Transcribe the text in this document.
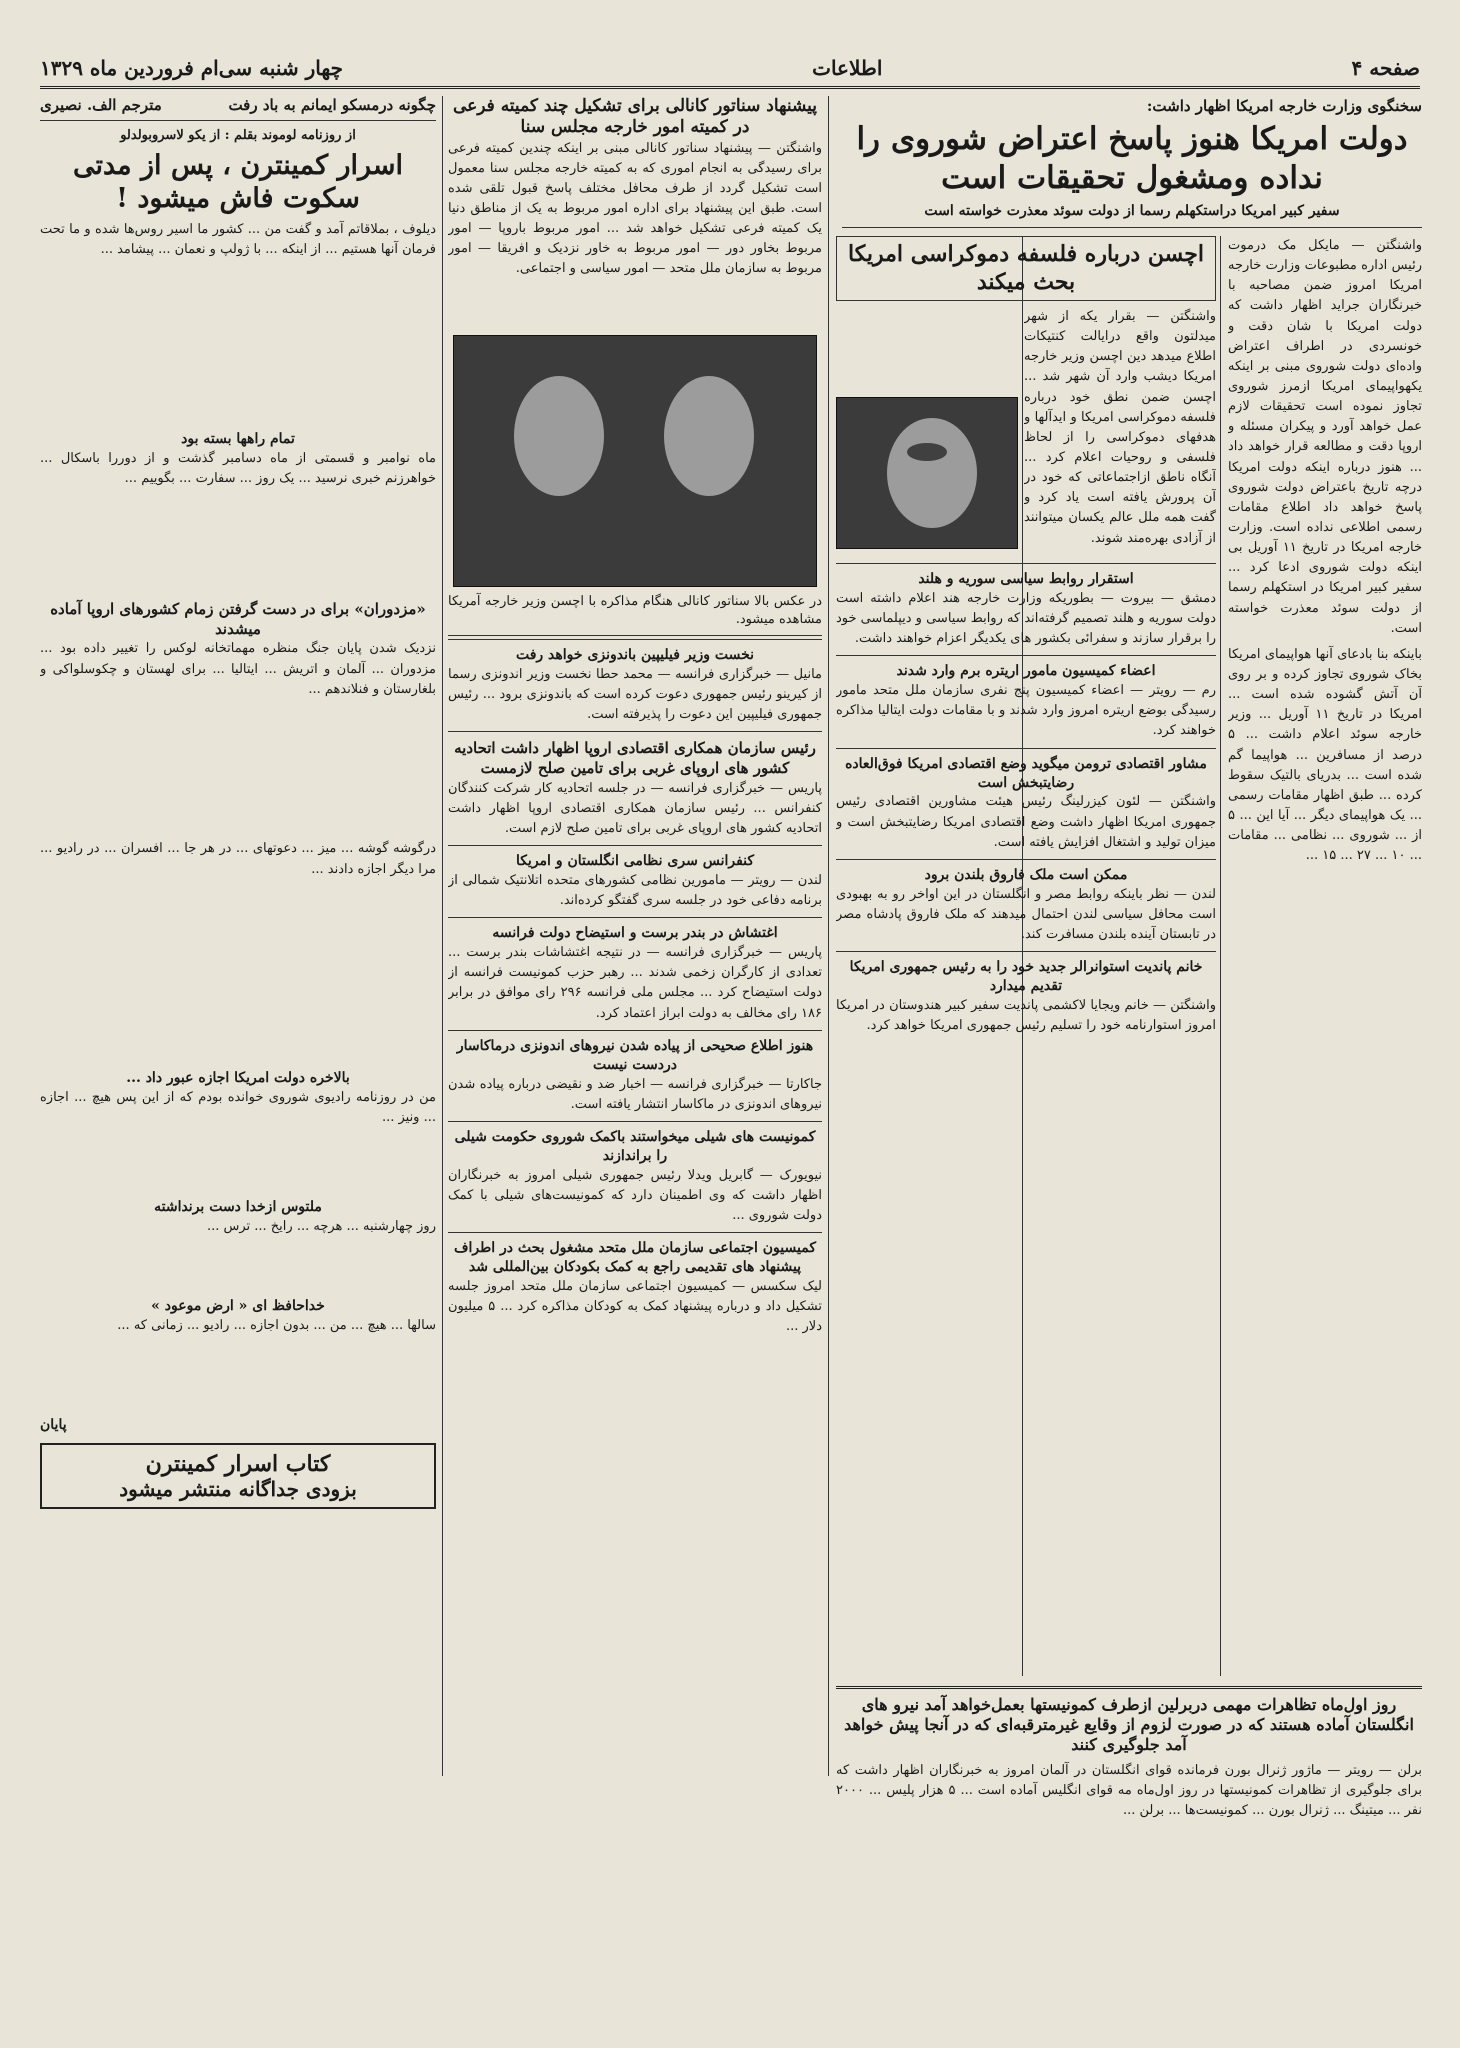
صفحه ۴
اطلاعات
چهار شنبه سی‌ام فروردین ماه ۱۳۲۹
سخنگوی وزارت خارجه امریکا اظهار داشت:
دولت امریکا هنوز پاسخ اعتراض شوروی را نداده ومشغول تحقیقات است
سفیر کبیر امریکا دراستکهلم رسما از دولت سوئد معذرت خواسته است
واشنگتن — مایکل مک درموت رئیس اداره مطبوعات وزارت خارجه امریکا امروز ضمن مصاحبه با خبرنگاران جراید اظهار داشت که دولت امریکا با شان دقت و خونسردی در اطراف اعتراض واده‌ای دولت شوروی مبنی بر اینکه یکهواپیمای امریکا ازمرز شوروی تجاوز نموده است تحقیقات لازم عمل خواهد آورد و پیکران مسئله و اروپا دقت و مطالعه قرار خواهد داد ... هنوز درباره اینکه دولت امریکا درچه تاریخ باعتراض دولت شوروی پاسخ خواهد داد اطلاع مقامات رسمی اطلاعی نداده است. وزارت خارجه امریکا در تاریخ ۱۱ آوریل بی اینکه دولت شوروی ادعا کرد ... سفیر کبیر امریکا در استکهلم رسما از دولت سوئد معذرت خواسته است.
باینکه بنا بادعای آنها هواپیمای امریکا بخاک شوروی تجاوز کرده و بر روی آن آتش گشوده شده است ... امریکا در تاریخ ۱۱ آوریل ... وزیر خارجه سوئد اعلام داشت ... ۵ درصد از مسافرین ... هواپیما گم شده است ... بدریای بالتیک سقوط کرده ... طبق اظهار مقامات رسمی ... یک هواپیمای دیگر ... آیا این ... ۵ از ... شوروی ... نظامی ... مقامات ... ۱۰ ... ۲۷ ... ۱۵ ...
اچسن درباره فلسفه دموکراسی امریکا بحث میکند
واشنگتن — بقرار یکه از شهر میدلتون واقع درایالت کنتیکات اطلاع میدهد دین اچسن وزیر خارجه امریکا دیشب وارد آن شهر شد ... اچسن ضمن نطق خود درباره فلسفه دموکراسی امریکا و ایدآلها و هدفهای دموکراسی را از لحاظ فلسفی و روحیات اعلام کرد ... آنگاه ناطق ازاجتماعاتی که خود در آن پرورش یافته است یاد کرد و گفت همه ملل عالم یکسان میتوانند از آزادی بهره‌مند شوند.
استقرار روابط سیاسی سوریه و هلند
دمشق — بیروت — بطوریکه وزارت خارجه هند اعلام داشته است دولت سوریه و هلند تصمیم گرفته‌اند که روابط سیاسی و دیپلماسی خود را برقرار سازند و سفرائی بکشور های یکدیگر اعزام خواهند داشت.
اعضاء کمیسیون مامور اریتره برم وارد شدند
رم — رویتر — اعضاء کمیسیون پنج نفری سازمان ملل متحد مامور رسیدگی بوضع اریتره امروز وارد شدند و با مقامات دولت ایتالیا مذاکره خواهند کرد.
مشاور اقتصادی ترومن میگوید وضع اقتصادی امریکا فوق‌العاده رضایتبخش است
واشنگتن — لئون کیزرلینگ رئیس هیئت مشاورین اقتصادی رئیس جمهوری امریکا اظهار داشت وضع اقتصادی امریکا رضایتبخش است و میزان تولید و اشتغال افزایش یافته است.
ممکن است ملک فاروق بلندن برود
لندن — نظر باینکه روابط مصر و انگلستان در این اواخر رو به بهبودی است محافل سیاسی لندن احتمال میدهند که ملک فاروق پادشاه مصر در تابستان آینده بلندن مسافرت کند.
خانم پاندیت استوانرالر جدید خود را به رئیس جمهوری امریکا تقدیم میدارد
واشنگتن — خانم ویجایا لاکشمی پاندیت سفیر کبیر هندوستان در امریکا امروز استوارنامه خود را تسلیم رئیس جمهوری امریکا خواهد کرد.
پیشنهاد سناتور کانالی برای تشکیل چند کمیته فرعی در کمیته امور خارجه مجلس سنا
واشنگتن — پیشنهاد سناتور کانالی مبنی بر اینکه چندین کمیته فرعی برای رسیدگی به انجام اموری که به کمیته خارجه مجلس سنا معمول است تشکیل گردد از طرف محافل مختلف پاسخ قبول تلقی شده است. طبق این پیشنهاد برای اداره امور مربوط به یک از مناطق دنیا یک کمیته فرعی تشکیل خواهد شد ... امور مربوط باروپا — امور مربوط بخاور دور — امور مربوط به خاور نزدیک و افریقا — امور مربوط به سازمان ملل متحد — امور سیاسی و اجتماعی.
در عکس بالا سناتور کانالی هنگام مذاکره با اچسن وزیر خارجه آمریکا مشاهده میشود.
نخست وزیر فیلیپین باندونزی خواهد رفت
مانیل — خبرگزاری فرانسه — محمد حطا نخست وزیر اندونزی رسما از کیرینو رئیس جمهوری دعوت کرده است که باندونزی برود ... رئیس جمهوری فیلیپین این دعوت را پذیرفته است.
رئیس سازمان همکاری اقتصادی اروپا اظهار داشت اتحادیه کشور های اروپای غربی برای تامین صلح لازمست
پاریس — خبرگزاری فرانسه — در جلسه اتحادیه کار شرکت کنندگان کنفرانس ... رئیس سازمان همکاری اقتصادی اروپا اظهار داشت اتحادیه کشور های اروپای غربی برای تامین صلح لازم است.
کنفرانس سری نظامی انگلستان و امریکا
لندن — رویتر — مامورین نظامی کشورهای متحده اتلانتیک شمالی از برنامه دفاعی خود در جلسه سری گفتگو کرده‌اند.
اغتشاش در بندر برست و استیضاح دولت فرانسه
پاریس — خبرگزاری فرانسه — در نتیجه اغتشاشات بندر برست ... تعدادی از کارگران زخمی شدند ... رهبر حزب کمونیست فرانسه از دولت استیضاح کرد ... مجلس ملی فرانسه ۲۹۶ رای موافق در برابر ۱۸۶ رای مخالف به دولت ابراز اعتماد کرد.
هنوز اطلاع صحیحی از پیاده شدن نیروهای اندونزی درماکاسار دردست نیست
جاکارتا — خبرگزاری فرانسه — اخبار ضد و نقیضی درباره پیاده شدن نیروهای اندونزی در ماکاسار انتشار یافته است.
کمونیست های شیلی میخواستند باکمک شوروی حکومت شیلی را براندازند
نیویورک — گابریل ویدلا رئیس جمهوری شیلی امروز به خبرنگاران اظهار داشت که وی اطمینان دارد که کمونیست‌های شیلی با کمک دولت شوروی ...
کمیسیون اجتماعی سازمان ملل متحد مشغول بحث در اطراف پیشنهاد های تقدیمی راجع به کمک بکودکان بین‌المللی شد
لیک سکسس — کمیسیون اجتماعی سازمان ملل متحد امروز جلسه تشکیل داد و درباره پیشنهاد کمک به کودکان مذاکره کرد ... ۵ میلیون دلار ...
چگونه درمسکو ایمانم به باد رفت
مترجم الف. نصیری
از روزنامه لوموند بقلم : از یکو لاسروبولدلو
اسرار کمینترن ، پس از مدتی سکوت فاش میشود !
دیلوف ، بملاقاتم آمد و گفت من ... کشور ما اسیر روس‌ها شده و ما تحت فرمان آنها هستیم ... از اینکه ... با ژولپ و نعمان ... پیشامد ...
تمام راهها بسته بود
ماه نوامبر و قسمتی از ماه دسامبر گذشت و از دوررا باسکال ... خواهرزنم خبری نرسید ... یک روز ... سفارت ... بگوییم ...
«مزدوران» برای در دست گرفتن زمام کشورهای اروپا آماده میشدند
نزدیک شدن پایان جنگ منظره مهماتخانه لوکس را تغییر داده بود ... مزدوران ... آلمان و اتریش ... ایتالیا ... برای لهستان و چکوسلواکی و بلغارستان و فنلاندهم ...
درگوشه گوشه ... میز ... دعوتهای ... در هر جا ... افسران ... در رادیو ... مرا دیگر اجازه دادند ...
بالاخره دولت امریکا اجازه عبور داد ...
من در روزنامه رادیوی شوروی خوانده بودم که از این پس هیچ ... اجازه ... ونیز ...
ملتوس ازخدا دست برنداشته
روز چهارشنبه ... هرچه ... رایخ ... ترس ...
خداحافظ ای « ارض موعود »
سالها ... هیچ ... من ... بدون اجازه ... رادیو ... زمانی که ...
پایان
کتاب اسرار کمینترن
بزودی جداگانه منتشر میشود
روز اول‌ماه تظاهرات مهمی دربرلین ازطرف کمونیستها بعمل‌خواهد آمد نیرو های انگلستان آماده هستند که در صورت لزوم از وقایع غیرمترقبه‌ای که در آنجا پیش خواهد آمد جلوگیری کنند
برلن — رویتر — ماژور ژنرال بورن فرمانده قوای انگلستان در آلمان امروز به خبرنگاران اظهار داشت که برای جلوگیری از تظاهرات کمونیستها در روز اول‌ماه مه قوای انگلیس آماده است ... ۵ هزار پلیس ... ۲۰۰۰ نفر ... میتینگ ... ژنرال بورن ... کمونیست‌ها ... برلن ...
